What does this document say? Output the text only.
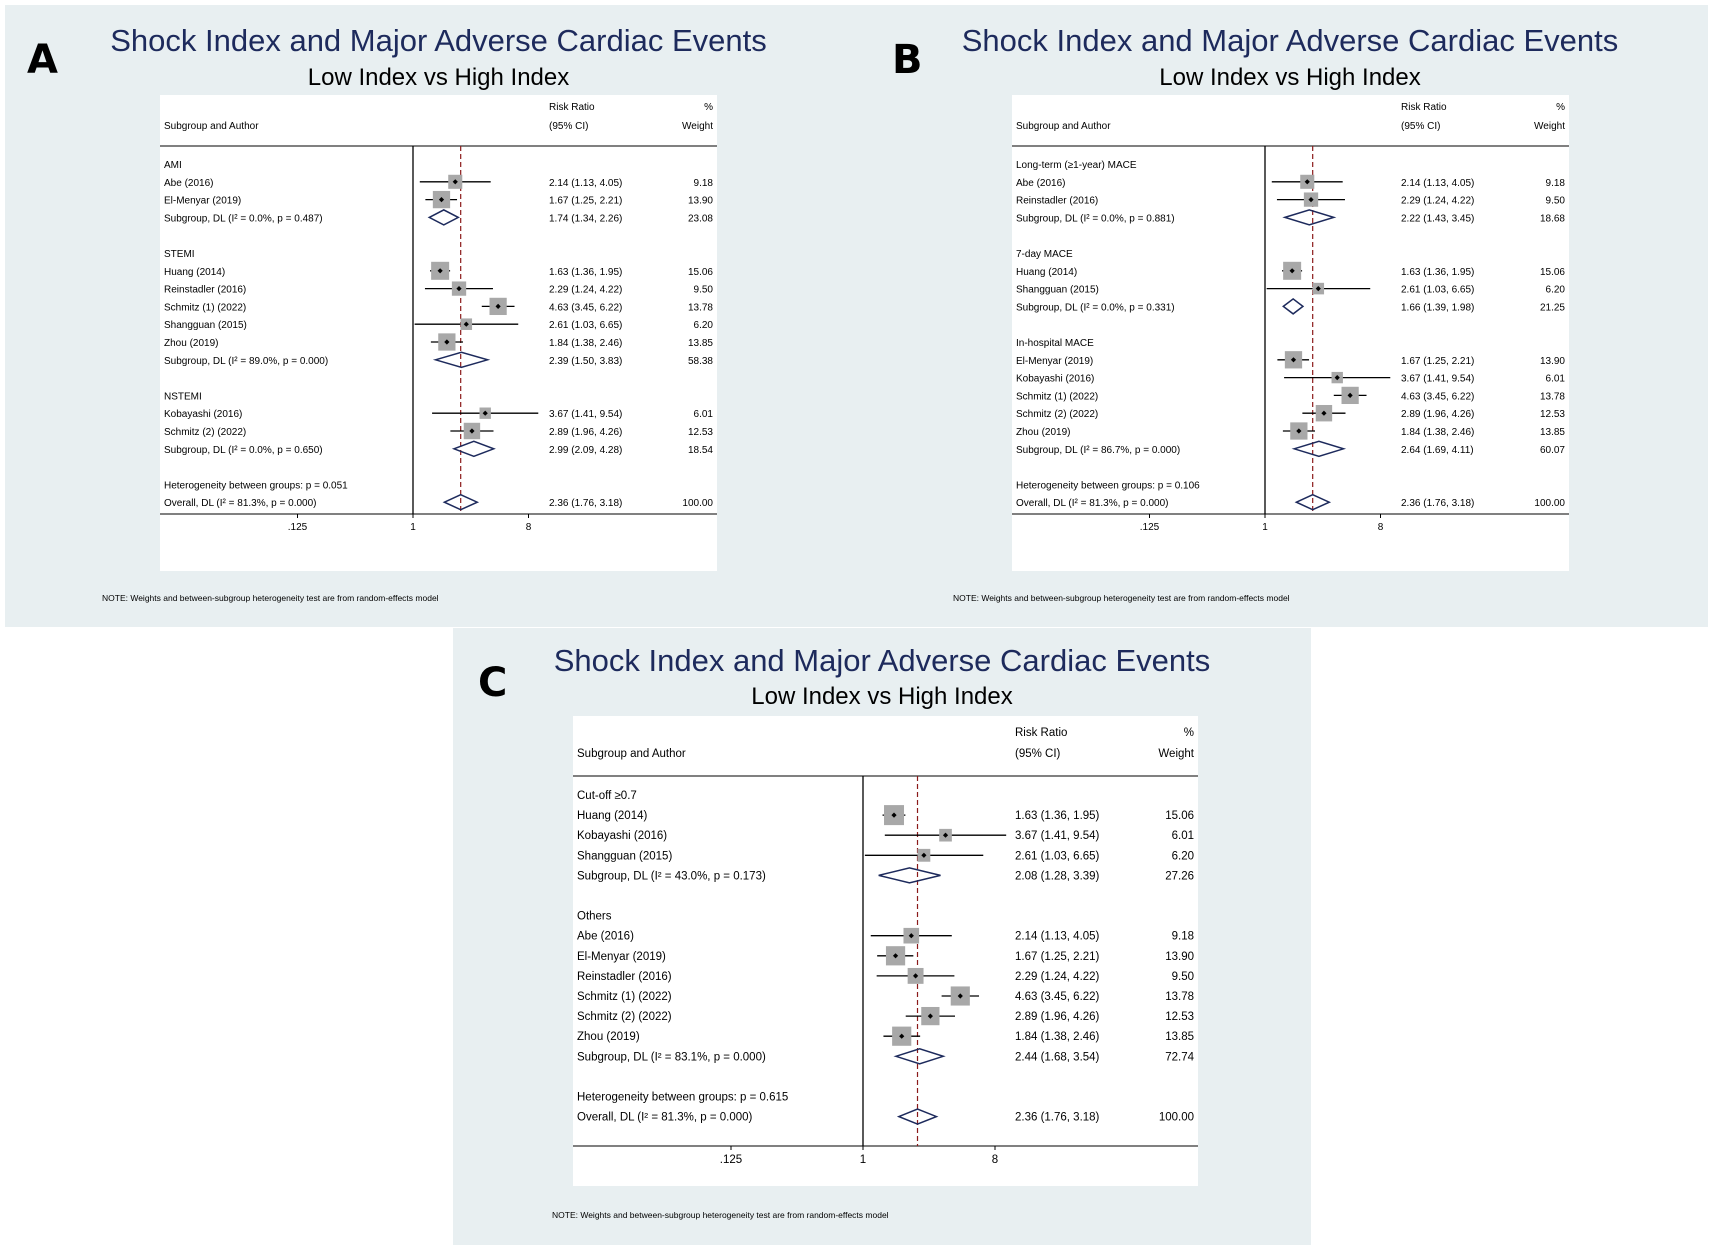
A	Shock Index and Major Adverse Cardiac Events
Low Index vs High Index
Subgroup and Author
Risk Ratio
(95% CI)
%
Weight
.125	1	8
AMI
Abe (2016)	2.14 (1.13, 4.05)	9.18
El-Menyar (2019)	1.67 (1.25, 2.21)	13.90
Subgroup, DL (I² = 0.0%, p = 0.487)	1.74 (1.34, 2.26)	23.08
STEMI
Huang (2014)	1.63 (1.36, 1.95)	15.06
Reinstadler (2016)	2.29 (1.24, 4.22)	9.50
Schmitz (1) (2022)	4.63 (3.45, 6.22)	13.78
Shangguan (2015)	2.61 (1.03, 6.65)	6.20
Zhou (2019)	1.84 (1.38, 2.46)	13.85
Subgroup, DL (I² = 89.0%, p = 0.000)	2.39 (1.50, 3.83)	58.38
NSTEMI
Kobayashi (2016)	3.67 (1.41, 9.54)	6.01
Schmitz (2) (2022)	2.89 (1.96, 4.26)	12.53
Subgroup, DL (I² = 0.0%, p = 0.650)	2.99 (2.09, 4.28)	18.54
Heterogeneity between groups: p = 0.051
Overall, DL (I² = 81.3%, p = 0.000)	2.36 (1.76, 3.18)	100.00
NOTE: Weights and between-subgroup heterogeneity test are from random-effects model
B	Shock Index and Major Adverse Cardiac Events
Low Index vs High Index
Subgroup and Author
Risk Ratio
(95% CI)
%
Weight
.125	1	8
Long-term (≥1-year) MACE
Abe (2016)	2.14 (1.13, 4.05)	9.18
Reinstadler (2016)	2.29 (1.24, 4.22)	9.50
Subgroup, DL (I² = 0.0%, p = 0.881)	2.22 (1.43, 3.45)	18.68
7-day MACE
Huang (2014)	1.63 (1.36, 1.95)	15.06
Shangguan (2015)	2.61 (1.03, 6.65)	6.20
Subgroup, DL (I² = 0.0%, p = 0.331)	1.66 (1.39, 1.98)	21.25
In-hospital MACE
El-Menyar (2019)	1.67 (1.25, 2.21)	13.90
Kobayashi (2016)	3.67 (1.41, 9.54)	6.01
Schmitz (1) (2022)	4.63 (3.45, 6.22)	13.78
Schmitz (2) (2022)	2.89 (1.96, 4.26)	12.53
Zhou (2019)	1.84 (1.38, 2.46)	13.85
Subgroup, DL (I² = 86.7%, p = 0.000)	2.64 (1.69, 4.11)	60.07
Heterogeneity between groups: p = 0.106
Overall, DL (I² = 81.3%, p = 0.000)	2.36 (1.76, 3.18)	100.00
NOTE: Weights and between-subgroup heterogeneity test are from random-effects model
C	Shock Index and Major Adverse Cardiac Events
Low Index vs High Index
Subgroup and Author
Risk Ratio
(95% CI)
%
Weight
.125	1	8
Cut-off ≥0.7
Huang (2014)	1.63 (1.36, 1.95)	15.06
Kobayashi (2016)	3.67 (1.41, 9.54)	6.01
Shangguan (2015)	2.61 (1.03, 6.65)	6.20
Subgroup, DL (I² = 43.0%, p = 0.173)	2.08 (1.28, 3.39)	27.26
Others
Abe (2016)	2.14 (1.13, 4.05)	9.18
El-Menyar (2019)	1.67 (1.25, 2.21)	13.90
Reinstadler (2016)	2.29 (1.24, 4.22)	9.50
Schmitz (1) (2022)	4.63 (3.45, 6.22)	13.78
Schmitz (2) (2022)	2.89 (1.96, 4.26)	12.53
Zhou (2019)	1.84 (1.38, 2.46)	13.85
Subgroup, DL (I² = 83.1%, p = 0.000)	2.44 (1.68, 3.54)	72.74
Heterogeneity between groups: p = 0.615
Overall, DL (I² = 81.3%, p = 0.000)	2.36 (1.76, 3.18)	100.00
NOTE: Weights and between-subgroup heterogeneity test are from random-effects model
